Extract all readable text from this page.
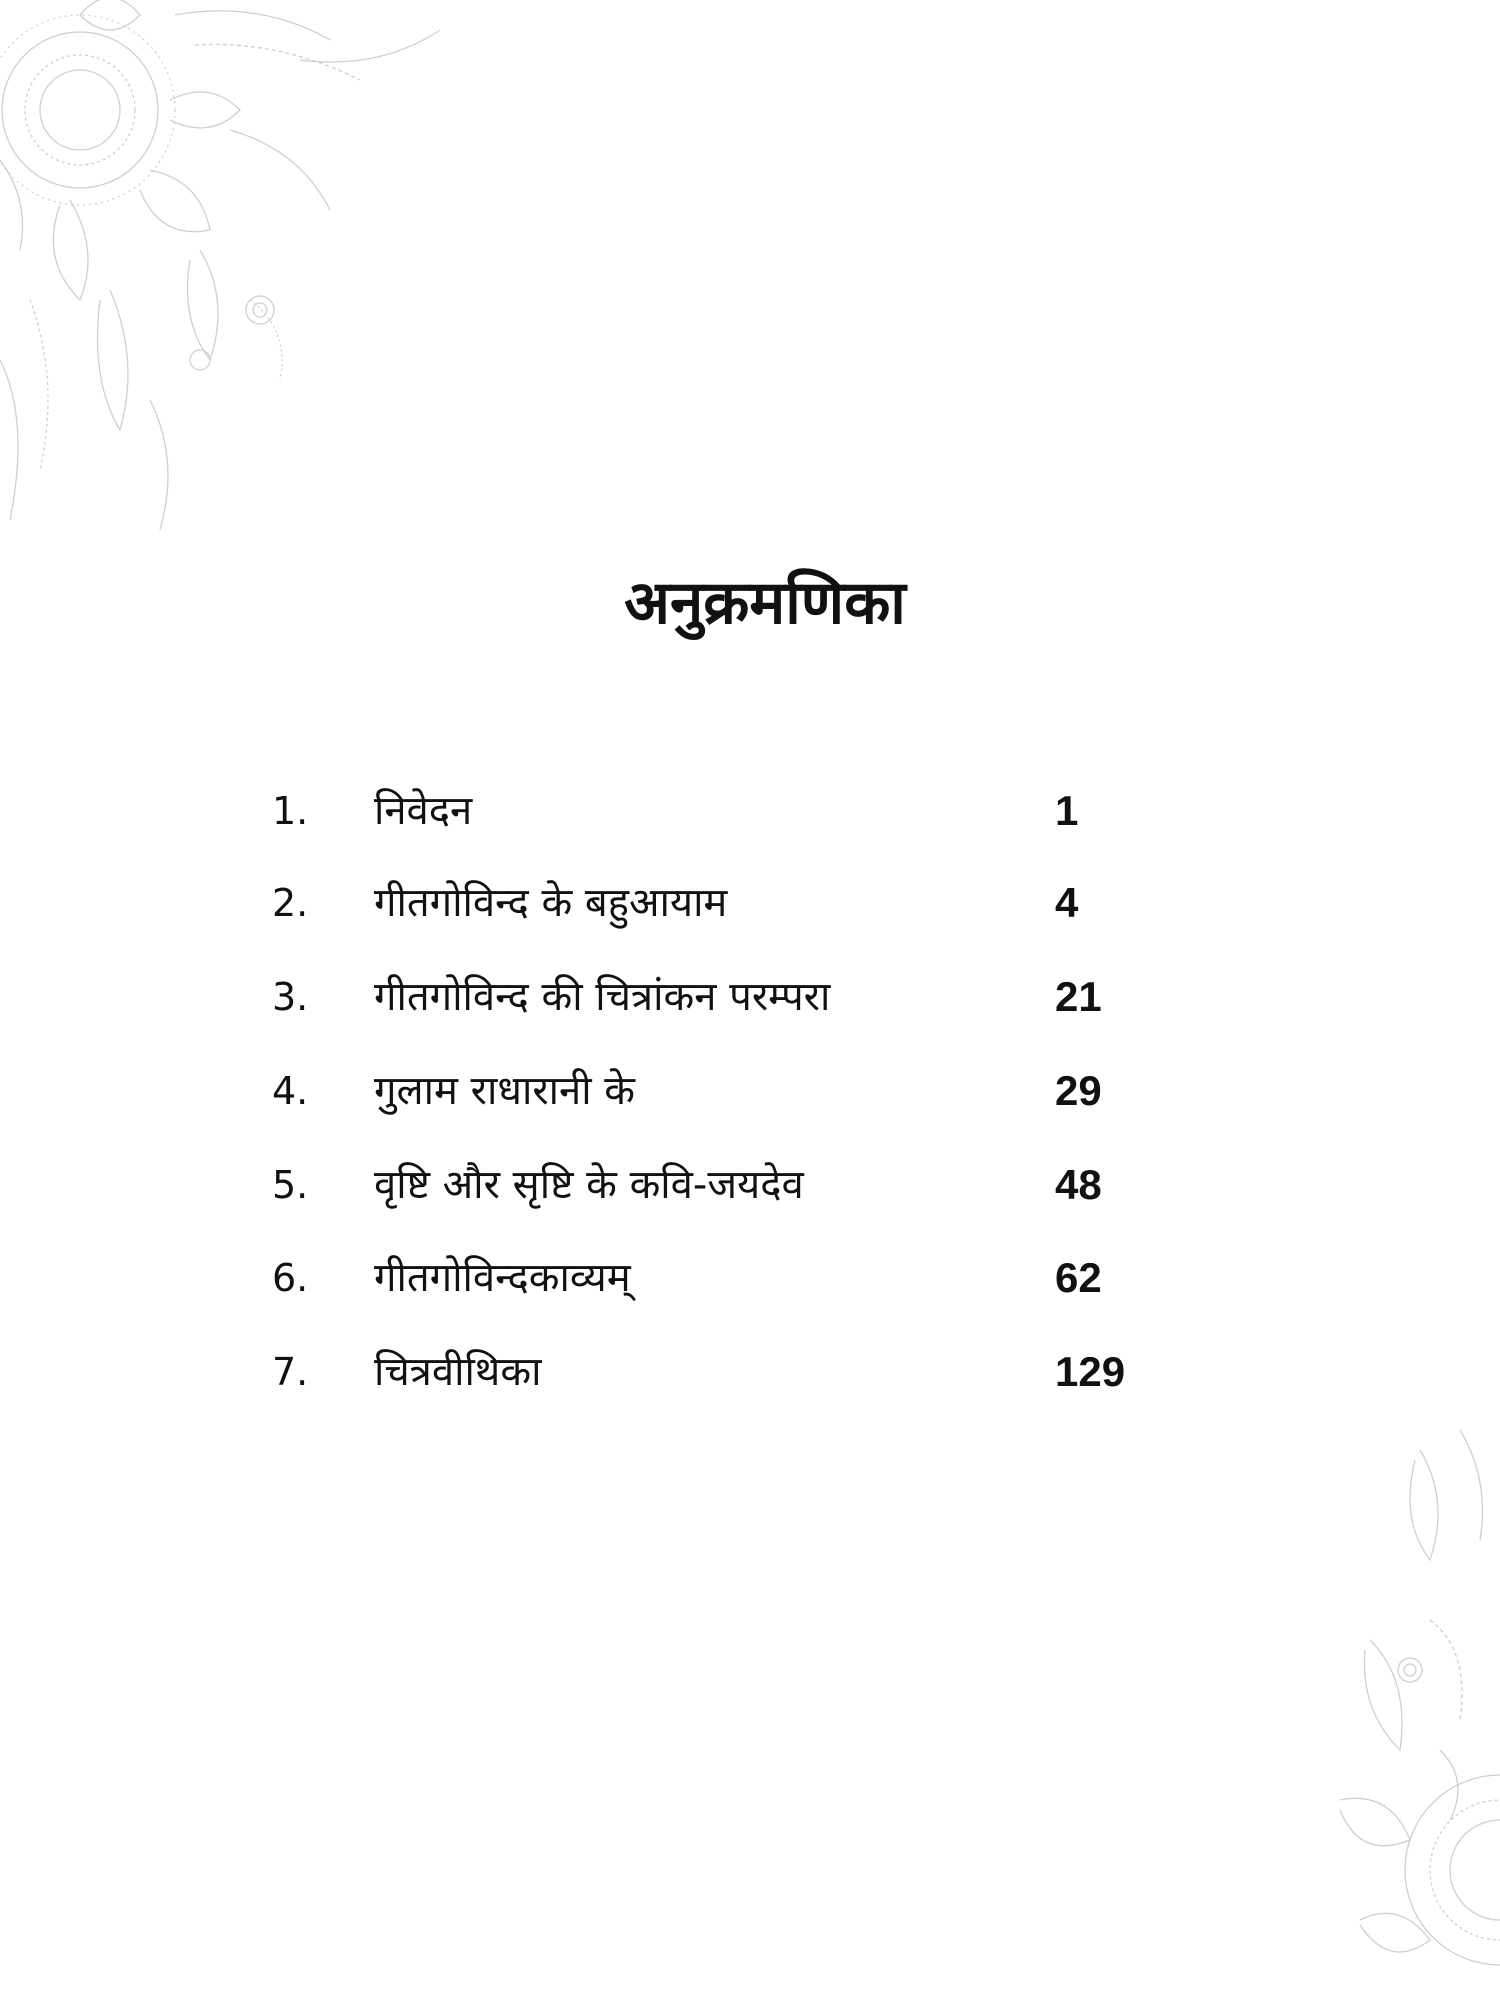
अनुक्रमणिका
1.	निवेदन	1
2.	गीतगोविन्द के बहुआयाम	4
3.	गीतगोविन्द की चित्रांकन परम्परा	21
4.	गुलाम राधारानी के	29
5.	वृष्टि और सृष्टि के कवि-जयदेव	48
6.	गीतगोविन्दकाव्यम्	62
7.	चित्रवीथिका	129
